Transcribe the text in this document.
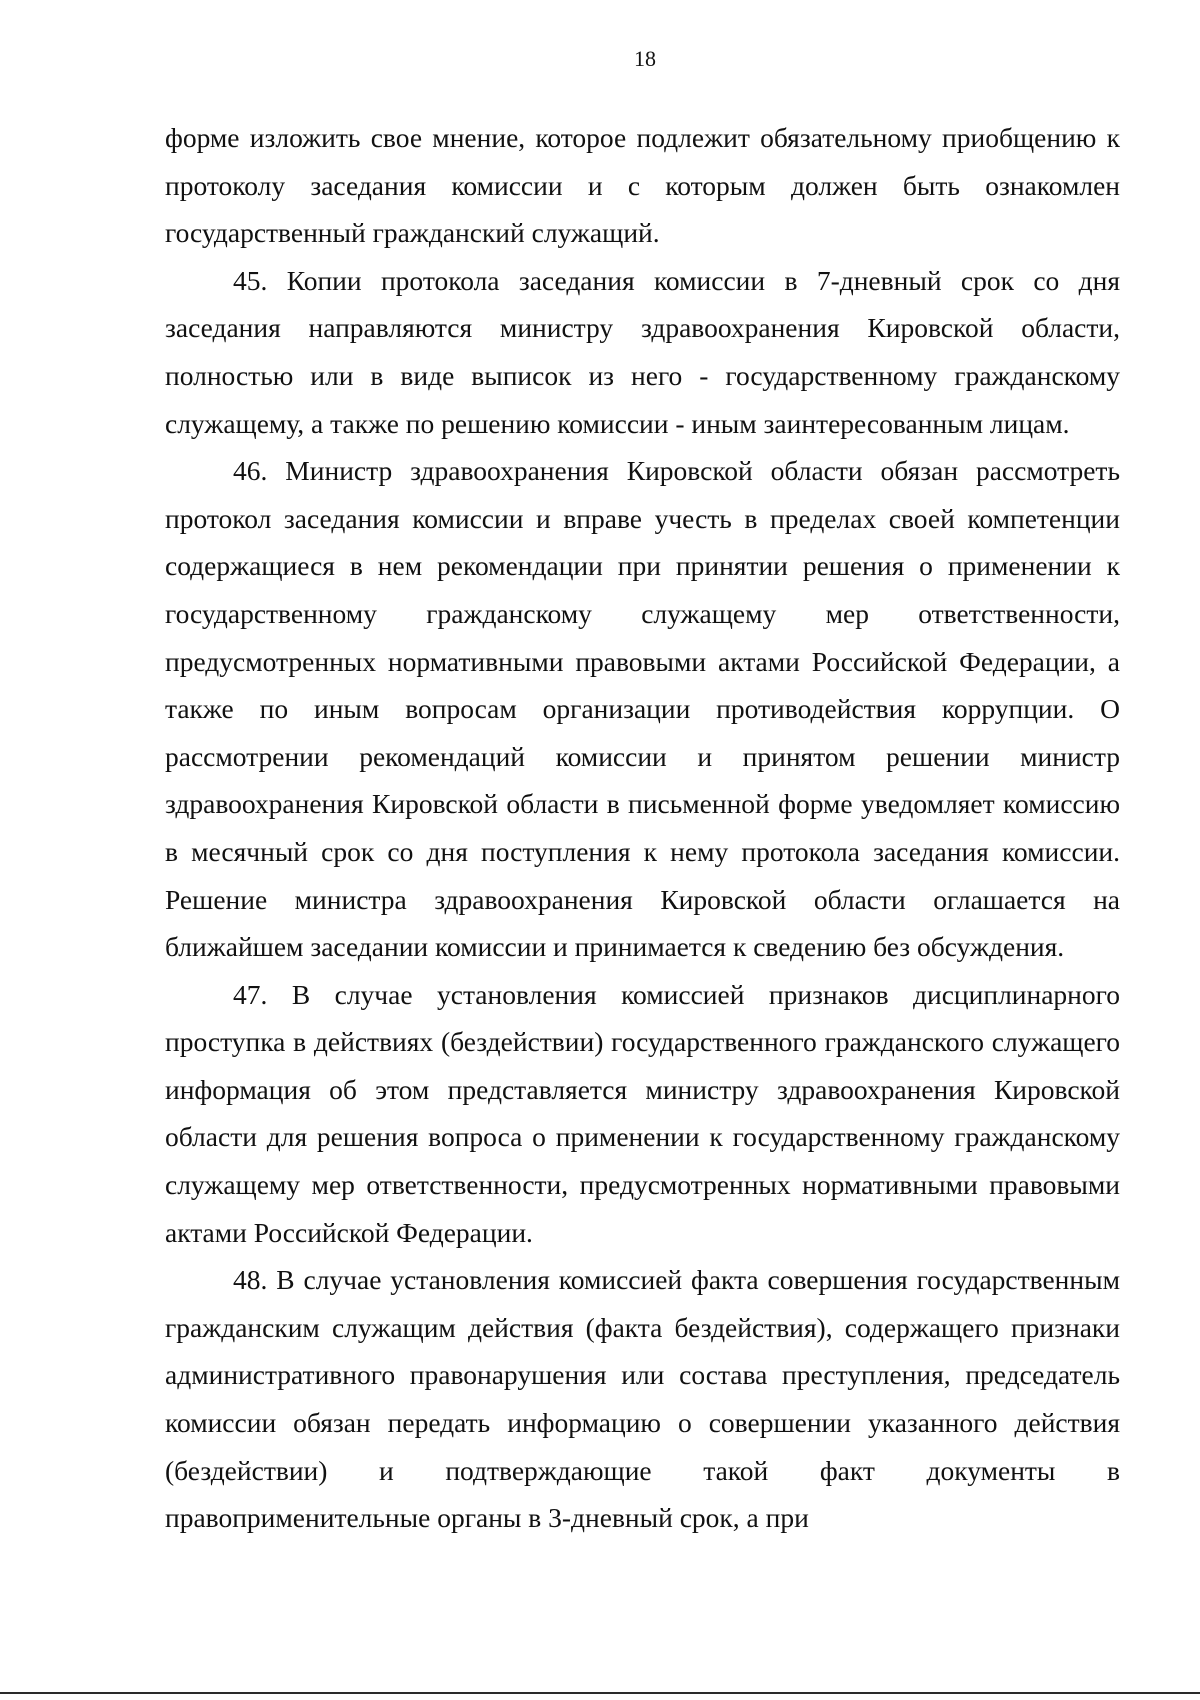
18

форме изложить свое мнение, которое подлежит обязательному приобщению к протоколу заседания комиссии и с которым должен быть ознакомлен государственный гражданский служащий.

45. Копии протокола заседания комиссии в 7-дневный срок со дня заседания направляются министру здравоохранения Кировской области, полностью или в виде выписок из него - государственному гражданскому служащему, а также по решению комиссии - иным заинтересованным лицам.

46. Министр здравоохранения Кировской области обязан рассмотреть протокол заседания комиссии и вправе учесть в пределах своей компетенции содержащиеся в нем рекомендации при принятии решения о применении к государственному гражданскому служащему мер ответственности, предусмотренных нормативными правовыми актами Российской Федерации, а также по иным вопросам организации противодействия коррупции. О рассмотрении рекомендаций комиссии и принятом решении министр здравоохранения Кировской области в письменной форме уведомляет комиссию в месячный срок со дня поступления к нему протокола заседания комиссии. Решение министра здравоохранения Кировской области оглашается на ближайшем заседании комиссии и принимается к сведению без обсуждения.

47. В случае установления комиссией признаков дисциплинарного проступка в действиях (бездействии) государственного гражданского служащего информация об этом представляется министру здравоохранения Кировской области для решения вопроса о применении к государственному гражданскому служащему мер ответственности, предусмотренных нормативными правовыми актами Российской Федерации.

48. В случае установления комиссией факта совершения государственным гражданским служащим действия (факта бездействия), содержащего признаки административного правонарушения или состава преступления, председатель комиссии обязан передать информацию о совершении указанного действия (бездействии) и подтверждающие такой факт документы в правоприменительные органы в 3-дневный срок, а при
